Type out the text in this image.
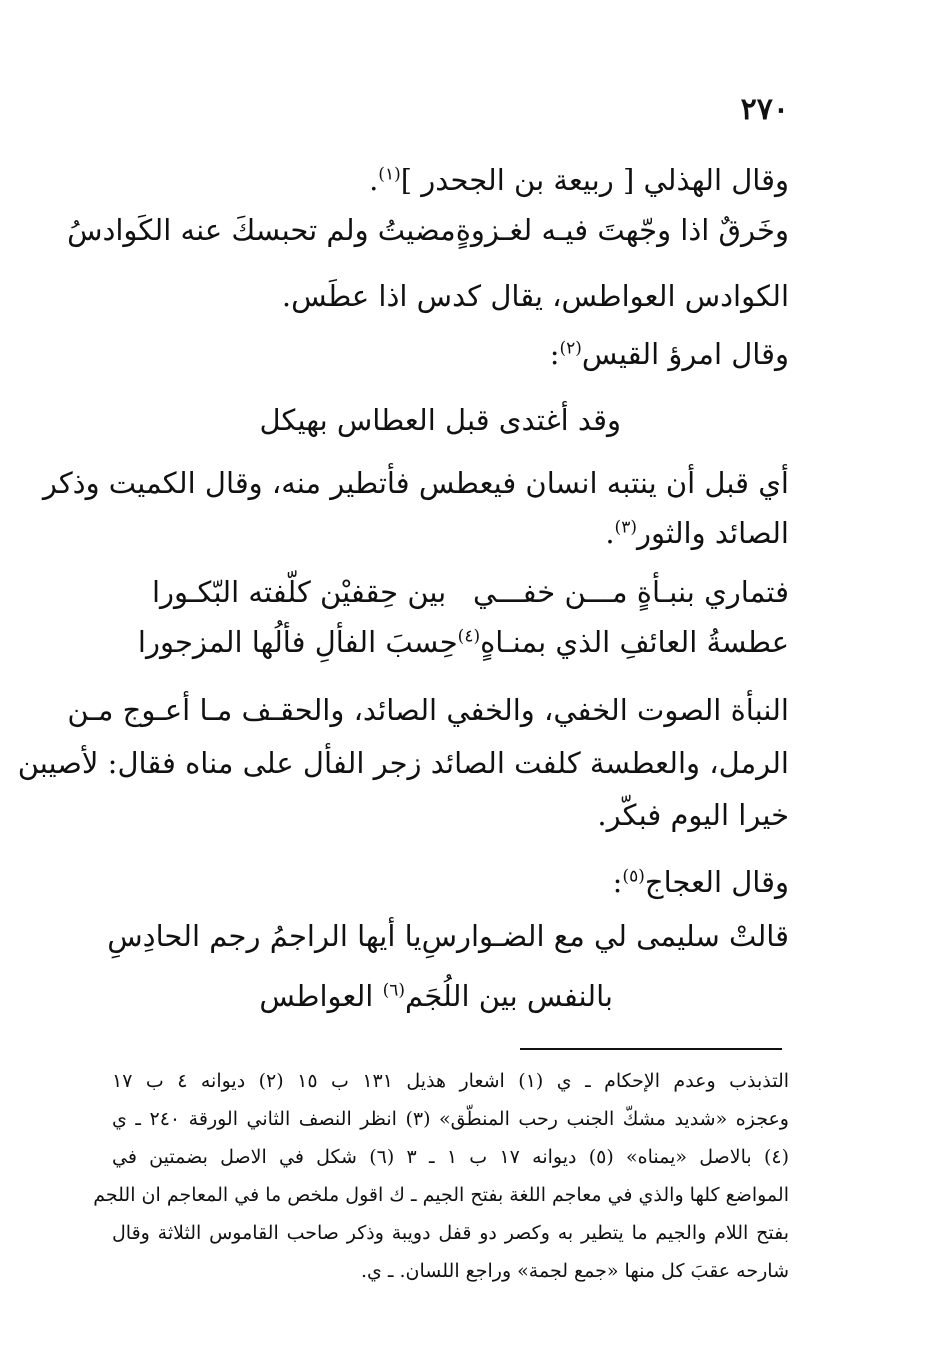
٢٧٠
وقال الهذلي [ ربيعة بن الجحدر ]$^{(١)}$.
وخَرقٌ اذا وجّهتَ فيـه لغـزوةٍ
مضيتُ ولم تحبسكَ عنه الكَوادسُ
الكوادس العواطس، يقال كدس اذا عطَس.
وقال امرؤ القيس$^{(٢)}$:
وقد أغتدى قبل العطاس بهيكل
أي قبل أن ينتبه انسان فيعطس فأتطير منه، وقال الكميت وذكر
الصائد والثور$^{(٣)}$.
فتماري بنبـأةٍ مـــن خفـــي
بين حِقفيْن كلّفته البّكـورا
عطسةُ العائفِ الذي بمنـاهٍ$^{(٤)}$
حِسبَ الفألِ فألُها المزجورا
النبأة الصوت الخفي، والخفي الصائد، والحقـف مـا أعـوج مـن
الرمل، والعطسة كلفت الصائد زجر الفأل على مناه فقال: لأصيبن
خيرا اليوم فبكّر.
وقال العجاج$^{(٥)}$:
قالتْ سليمى لي مع الضـوارسِ
يا أيها الراجمُ رجم الحادِسِ
بالنفس بين اللُجَم$^{(٦)}$ العواطس
التذبذب وعدم الإحكام ـ ي (١) اشعار هذيل ١٣١ ب ١٥ (٢) ديوانه ٤ ب ١٧
وعجزه «شديد مشكّ الجنب رحب المنطّق» (٣) انظر النصف الثاني الورقة ٢٤٠ ـ ي
(٤) بالاصل «يمناه» (٥) ديوانه ١٧ ب ١ ـ ٣ (٦) شكل في الاصل بضمتين في
المواضع كلها والذي في معاجم اللغة بفتح الجيم ـ ك اقول ملخص ما في المعاجم ان اللجم
بفتح اللام والجيم ما يتطير به وكصر دو قفل دويبة وذكر صاحب القاموس الثلاثة وقال
شارحه عقبَ كل منها «جمع لجمة» وراجع اللسان. ـ ي.
